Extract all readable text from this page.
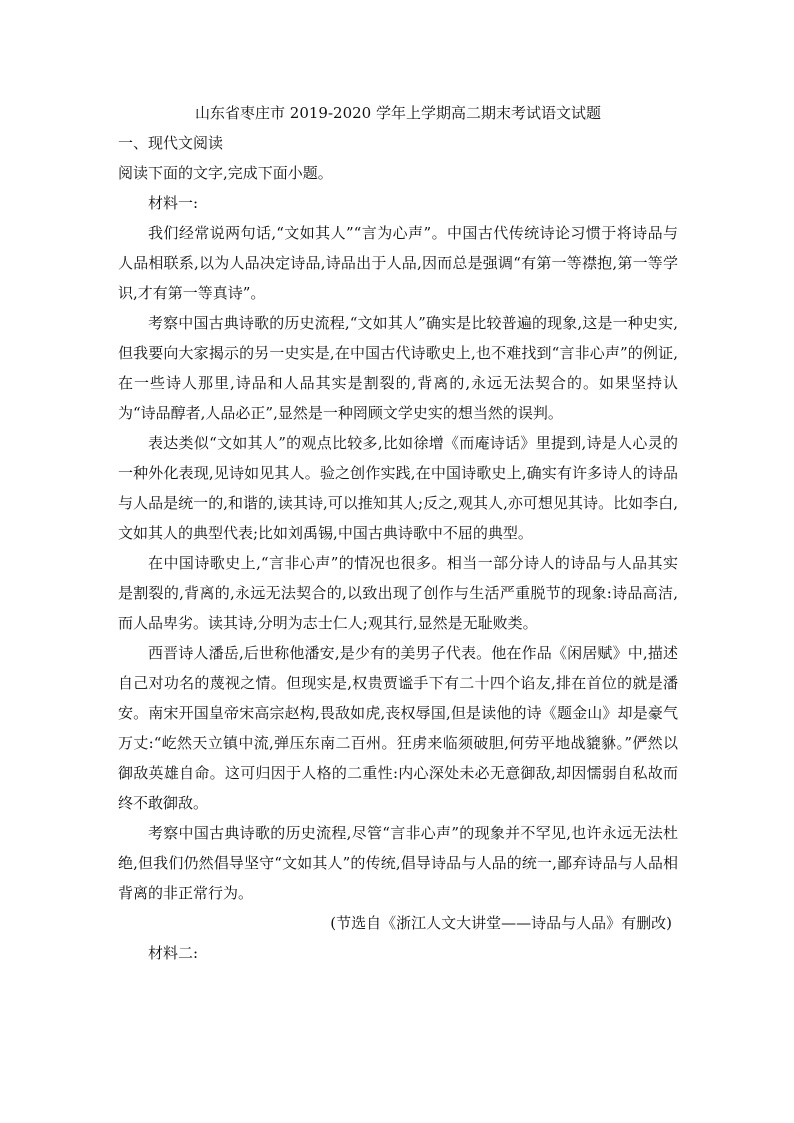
山东省枣庄市 2019-2020 学年上学期高二期末考试语文试题

一、现代文阅读

阅读下面的文字,完成下面小题。

材料一:

我们经常说两句话,“文如其人”“言为心声”。中国古代传统诗论习惯于将诗品与人品相联系,以为人品决定诗品,诗品出于人品,因而总是强调“有第一等襟抱,第一等学识,才有第一等真诗”。

考察中国古典诗歌的历史流程,“文如其人”确实是比较普遍的现象,这是一种史实,但我要向大家揭示的另一史实是,在中国古代诗歌史上,也不难找到“言非心声”的例证,在一些诗人那里,诗品和人品其实是割裂的,背离的,永远无法契合的。如果坚持认为“诗品醇者,人品必正”,显然是一种罔顾文学史实的想当然的误判。

表达类似“文如其人”的观点比较多,比如徐增《而庵诗话》里提到,诗是人心灵的一种外化表现,见诗如见其人。验之创作实践,在中国诗歌史上,确实有许多诗人的诗品与人品是统一的,和谐的,读其诗,可以推知其人;反之,观其人,亦可想见其诗。比如李白,文如其人的典型代表;比如刘禹锡,中国古典诗歌中不屈的典型。

在中国诗歌史上,“言非心声”的情况也很多。相当一部分诗人的诗品与人品其实是割裂的,背离的,永远无法契合的,以致出现了创作与生活严重脱节的现象:诗品高洁,而人品卑劣。读其诗,分明为志士仁人;观其行,显然是无耻败类。

西晋诗人潘岳,后世称他潘安,是少有的美男子代表。他在作品《闲居赋》中,描述自己对功名的蔑视之情。但现实是,权贵贾谧手下有二十四个谄友,排在首位的就是潘安。南宋开国皇帝宋高宗赵构,畏敌如虎,丧权辱国,但是读他的诗《题金山》却是豪气万丈:“屹然天立镇中流,弹压东南二百州。狂虏来临须破胆,何劳平地战貔貅。”俨然以御敌英雄自命。这可归因于人格的二重性:内心深处未必无意御敌,却因懦弱自私故而终不敢御敌。

考察中国古典诗歌的历史流程,尽管“言非心声”的现象并不罕见,也许永远无法杜绝,但我们仍然倡导坚守“文如其人”的传统,倡导诗品与人品的统一,鄙弃诗品与人品相背离的非正常行为。

(节选自《浙江人文大讲堂——诗品与人品》有删改)

材料二:
